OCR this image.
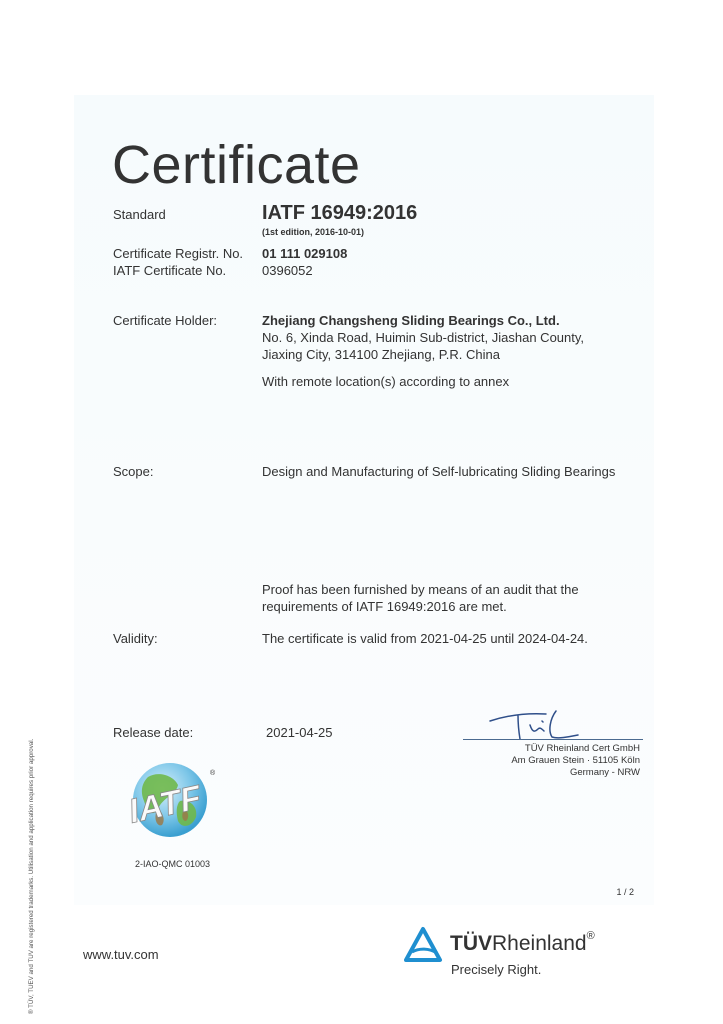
Certificate
Standard	IATF 16949:2016
(1st edition, 2016-10-01)
Certificate Registr. No. 01 111 029108
IATF Certificate No.	0396052
Certificate Holder:	Zhejiang Changsheng Sliding Bearings Co., Ltd.
No. 6, Xinda Road, Huimin Sub-district, Jiashan County,
Jiaxing City, 314100 Zhejiang, P.R. China
With remote location(s) according to annex
Scope:	Design and Manufacturing of Self-lubricating Sliding Bearings
Proof has been furnished by means of an audit that the
requirements of IATF 16949:2016 are met.
Validity:	The certificate is valid from 2021-04-25 until 2024-04-24.
Release date:	2021-04-25
TÜV Rheinland Cert GmbH
Am Grauen Stein · 51105 Köln
Germany - NRW
IATF
®
2-IAO-QMC 01003
1 / 2
www.tuv.com	TÜVRheinland®
Precisely Right.
® TÜV, TUEV and TUV are registered trademarks. Utilisation and application requires prior approval.
